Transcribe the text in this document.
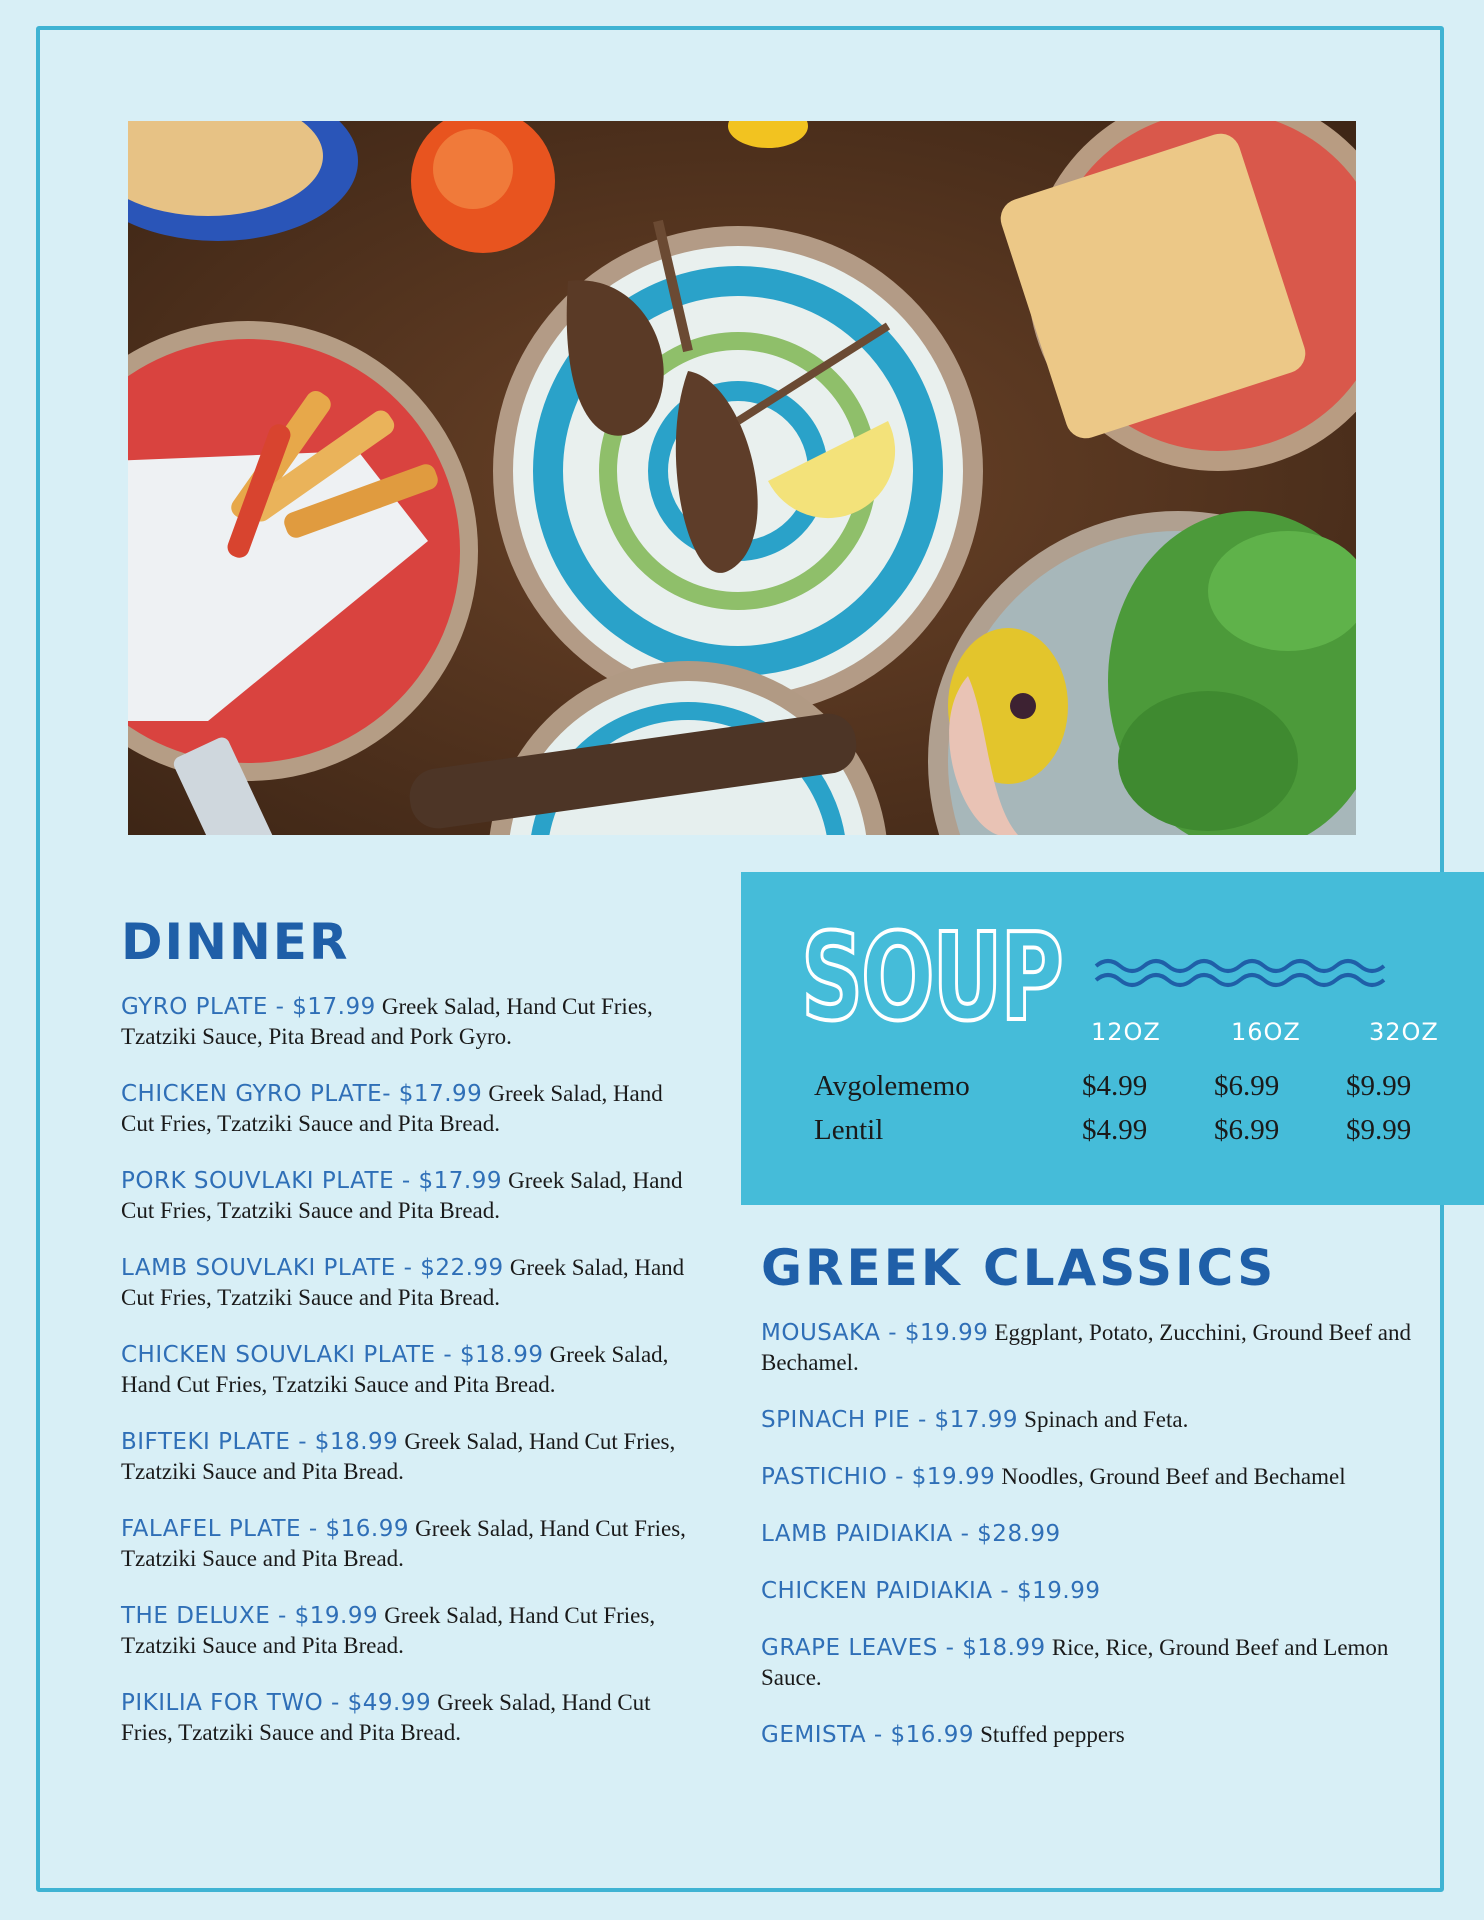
DINNER

GYRO PLATE - $17.99 Greek Salad, Hand Cut Fries, Tzatziki Sauce, Pita Bread and Pork Gyro.

CHICKEN GYRO PLATE- $17.99 Greek Salad, Hand Cut Fries, Tzatziki Sauce and Pita Bread.

PORK SOUVLAKI PLATE - $17.99 Greek Salad, Hand Cut Fries, Tzatziki Sauce and Pita Bread.

LAMB SOUVLAKI PLATE - $22.99 Greek Salad, Hand Cut Fries, Tzatziki Sauce and Pita Bread.

CHICKEN SOUVLAKI PLATE - $18.99 Greek Salad, Hand Cut Fries, Tzatziki Sauce and Pita Bread.

BIFTEKI PLATE - $18.99 Greek Salad, Hand Cut Fries, Tzatziki Sauce and Pita Bread.

FALAFEL PLATE - $16.99 Greek Salad, Hand Cut Fries, Tzatziki Sauce and Pita Bread.

THE DELUXE - $19.99 Greek Salad, Hand Cut Fries, Tzatziki Sauce and Pita Bread.

PIKILIA FOR TWO - $49.99 Greek Salad, Hand Cut Fries, Tzatziki Sauce and Pita Bread.

SOUP 12OZ	16OZ	32OZ
Avgolememo	$4.99 $6.99 $9.99
Lentil	$4.99 $6.99 $9.99
GREEK CLASSICS

MOUSAKA - $19.99 Eggplant, Potato, Zucchini, Ground Beef and Bechamel.

SPINACH PIE - $17.99 Spinach and Feta.

PASTICHIO - $19.99 Noodles, Ground Beef and Bechamel

LAMB PAIDIAKIA - $28.99

CHICKEN PAIDIAKIA - $19.99

GRAPE LEAVES - $18.99 Rice, Rice, Ground Beef and Lemon Sauce.

GEMISTA - $16.99 Stuffed peppers
